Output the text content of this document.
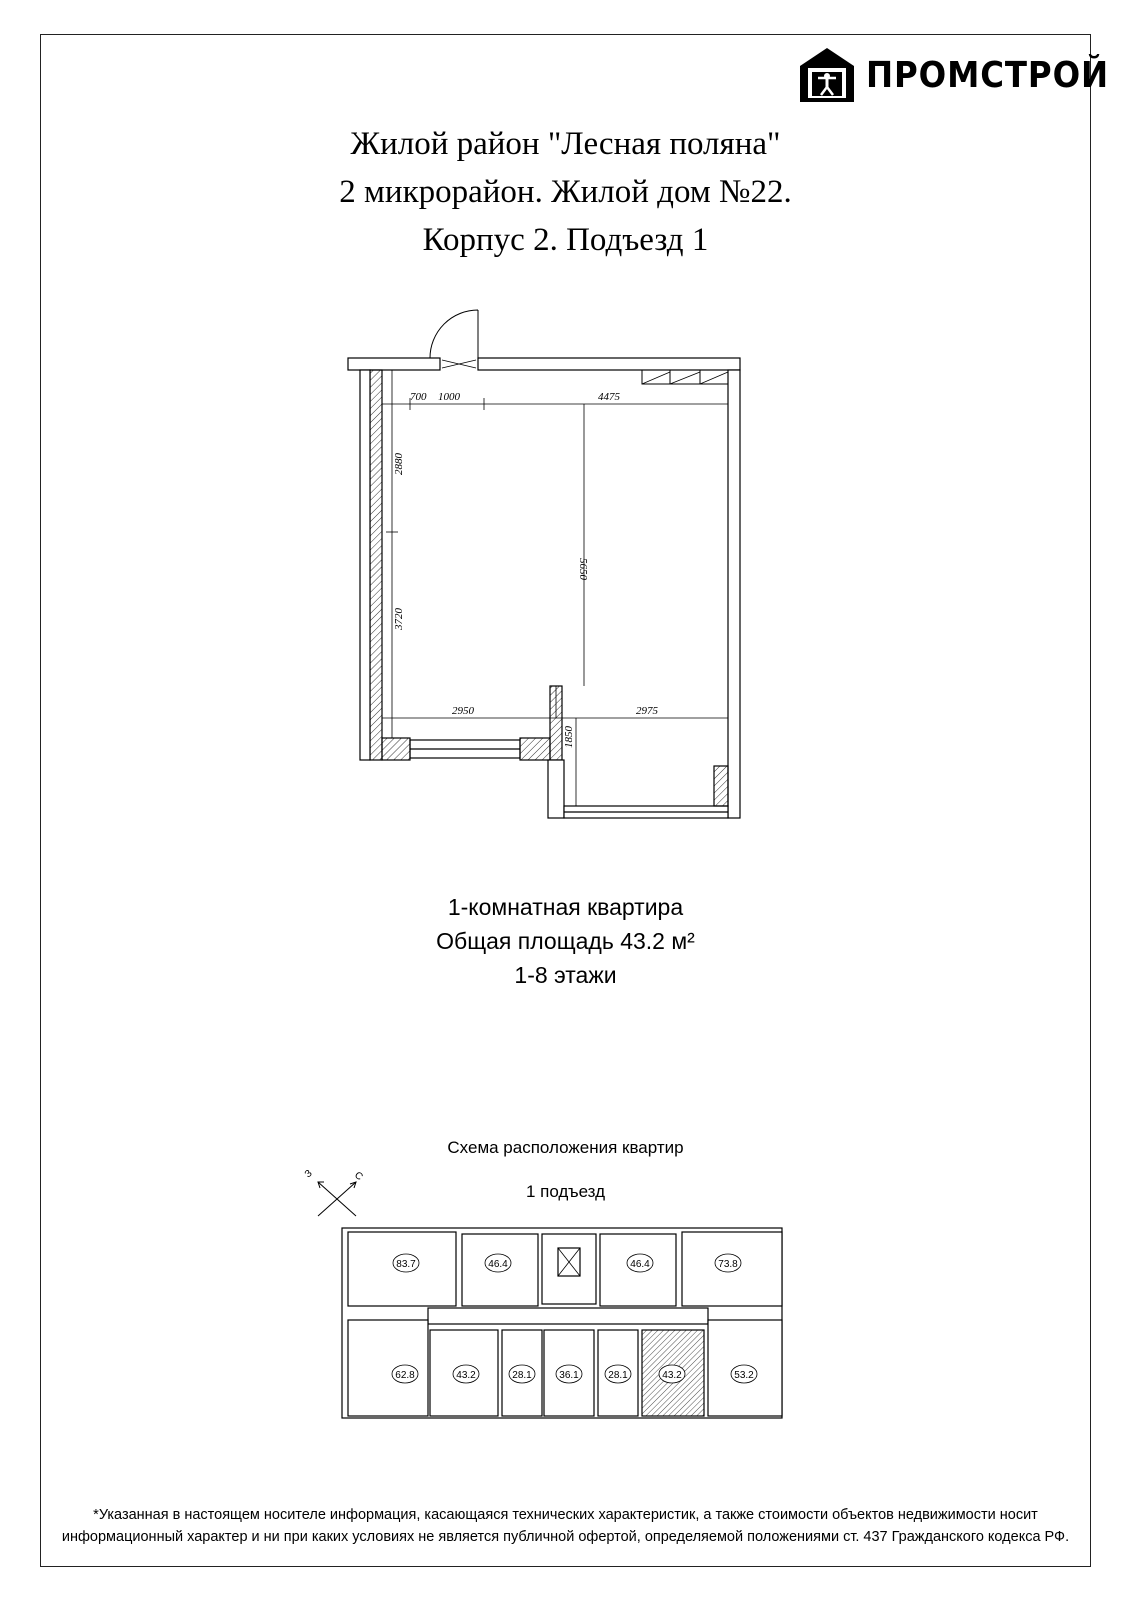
ПРОМСТРОЙ
Жилой район "Лесная поляна"
2 микрорайон. Жилой дом №22.
Корпус 2. Подъезд 1
700 1000	4475
2880
5650
3720
2950	2975
1850
1-комнатная квартира
Общая площадь 43.2 м²
1-8 этажи
Схема расположения квартир
1 подъезд
З	С
83.7	46.4	46.4	73.8
62.8	43.2	28.1	36.1	28.1	43.2	53.2
*Указанная в настоящем носителе информация, касающаяся технических характеристик, а также стоимости объектов недвижимости носит
информационный характер и ни при каких условиях не является публичной офертой, определяемой положениями ст. 437 Гражданского кодекса РФ.
